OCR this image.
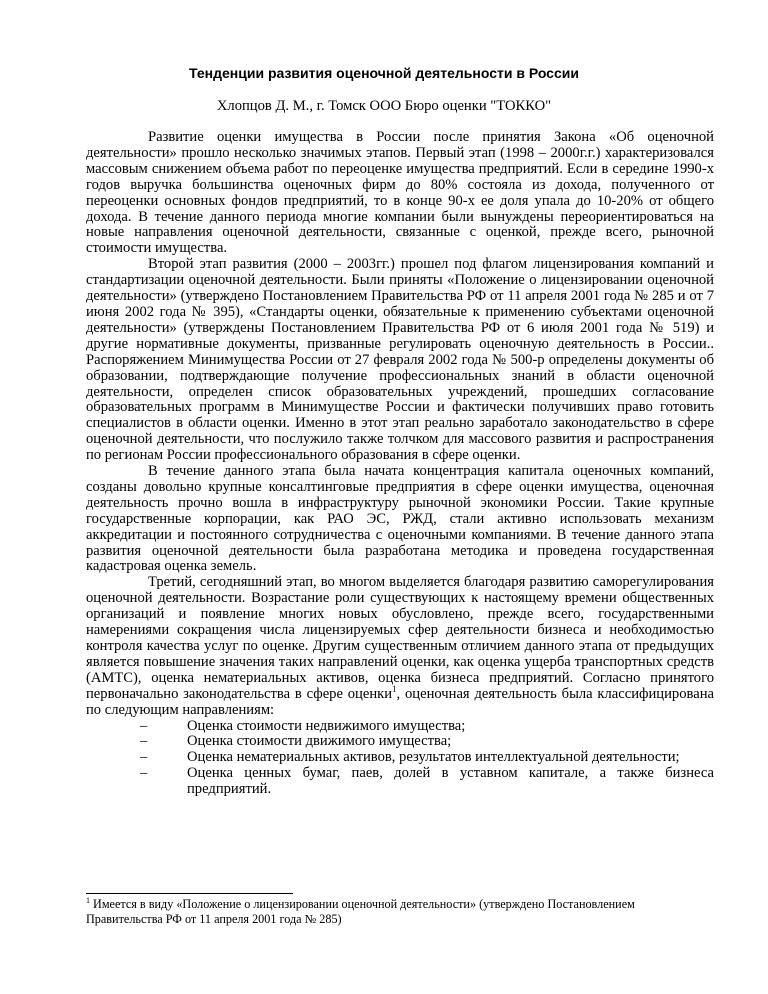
Тенденции развития оценочной деятельности в России
Хлопцов Д. М., г. Томск ООО Бюро оценки "ТОККО"

Развитие оценки имущества в России после принятия Закона «Об оценочной деятельности» прошло несколько значимых этапов. Первый этап (1998 – 2000г.г.) характеризовался массовым снижением объема работ по переоценке имущества предприятий. Если в середине 1990-х годов выручка большинства оценочных фирм до 80% состояла из дохода, полученного от переоценки основных фондов предприятий, то в конце 90-х ее доля упала до 10-20% от общего дохода. В течение данного периода многие компании были вынуждены переориентироваться на новые направления оценочной деятельности, связанные с оценкой, прежде всего, рыночной стоимости имущества.

Второй этап развития (2000 – 2003гг.) прошел под флагом лицензирования компаний и стандартизации оценочной деятельности. Были приняты «Положение о лицензировании оценочной деятельности» (утверждено Постановлением Правительства РФ от 11 апреля 2001 года № 285 и от 7 июня 2002 года № 395), «Стандарты оценки, обязательные к применению субъектами оценочной деятельности» (утверждены Постановлением Правительства РФ от 6 июля 2001 года № 519) и другие нормативные документы, призванные регулировать оценочную деятельность в России.. Распоряжением Минимущества России от 27 февраля 2002 года № 500-р определены документы об образовании, подтверждающие получение профессиональных знаний в области оценочной деятельности, определен список образовательных учреждений, прошедших согласование образовательных программ в Минимуществе России и фактически получивших право готовить специалистов в области оценки. Именно в этот этап реально заработало законодательство в сфере оценочной деятельности, что послужило также толчком для массового развития и распространения по регионам России профессионального образования в сфере оценки.

В течение данного этапа была начата концентрация капитала оценочных компаний, созданы довольно крупные консалтинговые предприятия в сфере оценки имущества, оценочная деятельность прочно вошла в инфраструктуру рыночной экономики России. Такие крупные государственные корпорации, как РАО ЭС, РЖД, стали активно использовать механизм аккредитации и постоянного сотрудничества с оценочными компаниями. В течение данного этапа развития оценочной деятельности была разработана методика и проведена государственная кадастровая оценка земель.

Третий, сегодняшний этап, во многом выделяется благодаря развитию саморегулирования оценочной деятельности. Возрастание роли существующих к настоящему времени общественных организаций и появление многих новых обусловлено, прежде всего, государственными намерениями сокращения числа лицензируемых сфер деятельности бизнеса и необходимостью контроля качества услуг по оценке. Другим существенным отличием данного этапа от предыдущих является повышение значения таких направлений оценки, как оценка ущерба транспортных средств (АМТС), оценка нематериальных активов, оценка бизнеса предприятий. Согласно принятого первоначально законодательства в сфере оценки$^1$, оценочная деятельность была классифицирована по следующим направлениям:

–	Оценка стоимости недвижимого имущества;
–	Оценка стоимости движимого имущества;
–	Оценка нематериальных активов, результатов интеллектуальной деятельности;
–	Оценка ценных бумаг, паев, долей в уставном капитале, а также бизнеса предприятий.
$^1$ Имеется в виду «Положение о лицензировании оценочной деятельности» (утверждено Постановлением Правительства РФ от 11 апреля 2001 года № 285)
